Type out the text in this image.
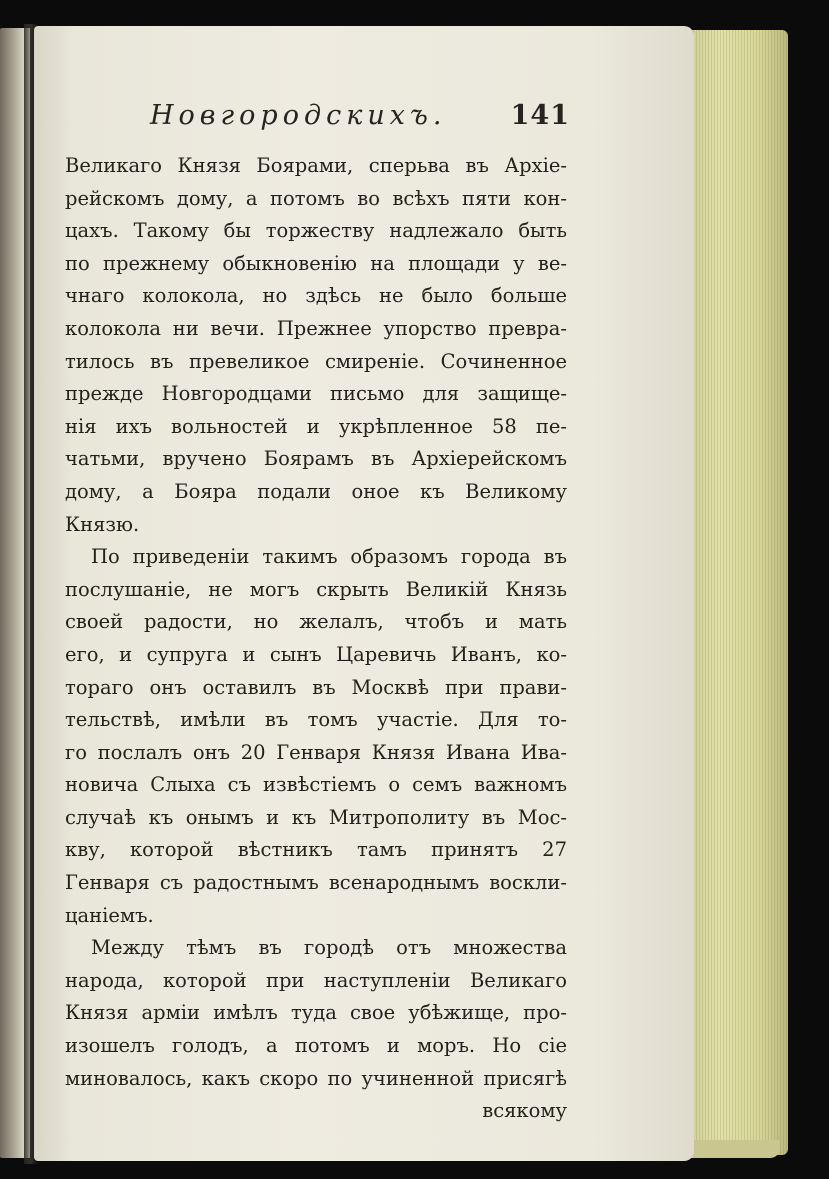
Новгородскихъ. 141
Великаго Князя Боярами, сперьва въ Архіе-
рейскомъ дому, а потомъ во всѣхъ пяти кон-
цахъ. Такому бы торжеству надлежало быть
по прежнему обыкновенію на площади у ве-
чнаго колокола, но здѣсь не было больше
колокола ни вечи. Прежнее упорство превра-
тилось въ превеликое смиреніе. Сочиненное
прежде Новгородцами письмо для защище-
нія ихъ вольностей и укрѣпленное 58 пе-
чатьми, вручено Боярамъ въ Архіерейскомъ
дому, а Бояра подали оное къ Великому
Князю.
По приведеніи такимъ образомъ города въ
послушаніе, не могъ скрыть Великій Князь
своей радости, но желалъ, чтобъ и мать
его, и супруга и сынъ Царевичь Иванъ, ко-
тораго онъ оставилъ въ Москвѣ при прави-
тельствѣ, имѣли въ томъ участіе. Для то-
го послалъ онъ 20 Генваря Князя Ивана Ива-
новича Слыха съ извѣстіемъ о семъ важномъ
случаѣ къ онымъ и къ Митрополиту въ Мос-
кву, которой вѣстникъ тамъ принятъ 27
Генваря съ радостнымъ всенароднымъ воскли-
цаніемъ.
Между тѣмъ въ городѣ отъ множества
народа, которой при наступленіи Великаго
Князя арміи имѣлъ туда свое убѣжище, про-
изошелъ голодъ, а потомъ и моръ. Но сіе
миновалось, какъ скоро по учиненной присягѣ
всякому
